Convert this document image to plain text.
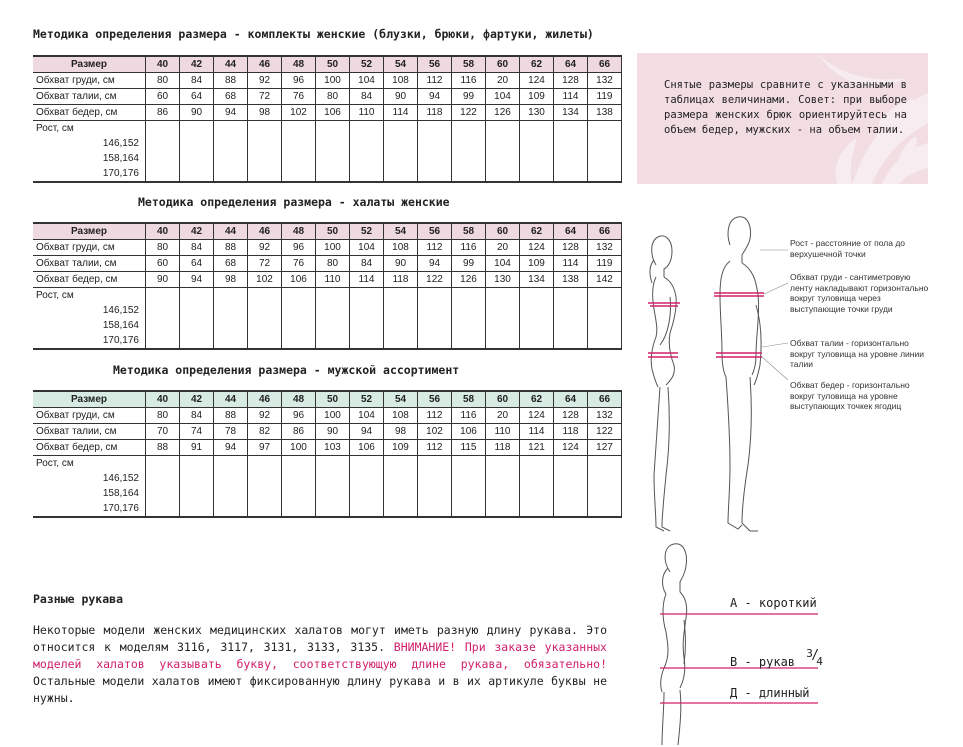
Методика определения размера - комплекты женские (блузки, брюки, фартуки, жилеты)
Размер	40	42	44	46	48	50	52	54	56	58	60	62	64	66
Обхват груди, см	80	84	88	92	96	100	104	108	112	116	20	124	128	132
Обхват талии, см	60	64	68	72	76	80	84	90	94	99	104	109	114	119
Обхват бедер, см	86	90	94	98	102	106	110	114	118	122	126	130	134	138
Рост, см														
146,152														
158,164														
170,176														
Методика определения размера - халаты женские
Размер	40	42	44	46	48	50	52	54	56	58	60	62	64	66
Обхват груди, см	80	84	88	92	96	100	104	108	112	116	20	124	128	132
Обхват талии, см	60	64	68	72	76	80	84	90	94	99	104	109	114	119
Обхват бедер, см	90	94	98	102	106	110	114	118	122	126	130	134	138	142
Рост, см														
146,152														
158,164														
170,176														
Методика определения размера - мужской ассортимент
Размер	40	42	44	46	48	50	52	54	56	58	60	62	64	66
Обхват груди, см	80	84	88	92	96	100	104	108	112	116	20	124	128	132
Обхват талии, см	70	74	78	82	86	90	94	98	102	106	110	114	118	122
Обхват бедер, см	88	91	94	97	100	103	106	109	112	115	118	121	124	127
Рост, см														
146,152														
158,164														
170,176														
Снятые размеры сравните с указанными в таблицах величинами. Совет: при выборе размера женских брюк ориентируйтесь на объем бедер, мужских - на объем талии.
Рост - расстояние от пола до верхушечной точки
Обхват груди - сантиметровую ленту накладывают горизонтально вокруг туловища через выступающие точки груди
Обхват талии - горизонтально вокруг туловища на уровне линии талии
Обхват бедер - горизонтально вокруг туловища на уровне выступающих точкек ягодиц
А - короткий
В - рукав
3
/
4
Д - длинный
Разные рукава
Некоторые модели женских медицинских халатов могут иметь разную длину рукава. Это относится к моделям 3116, 3117, 3131, 3133, 3135. ВНИМАНИЕ! При заказе указанных моделей халатов указывать букву, соответствующую длине рукава, обязательно! Остальные модели халатов имеют фиксированную длину рукава и в их артикуле буквы не нужны.
